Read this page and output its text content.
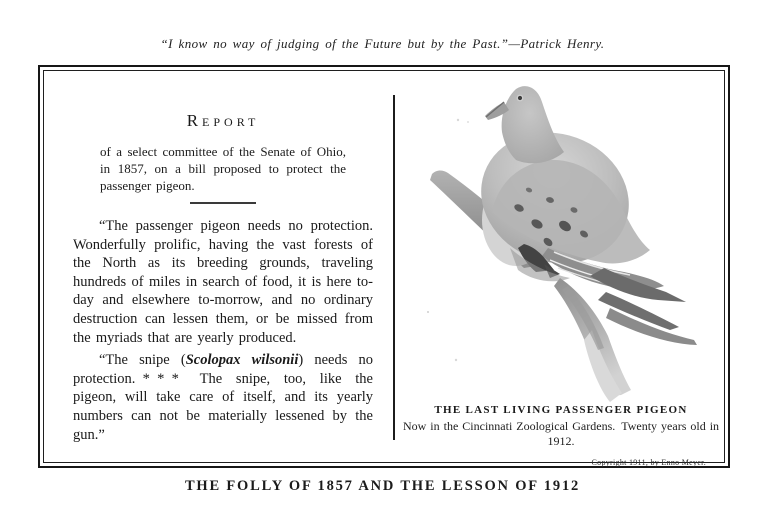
“I know no way of judging of the Future but by the Past.”—Patrick Henry.
Report

of a select committee of the Senate of Ohio, in 1857, on a bill proposed to protect the passenger pigeon.

“The passenger pigeon needs no protection. Wonderfully prolific, having the vast forests of the North as its breeding grounds, traveling hundreds of miles in search of food, it is here to-day and elsewhere to-morrow, and no ordinary destruction can lessen them, or be missed from the myriads that are yearly produced.

“The snipe (Scolopax wilsonii) needs no protection. * * *  The snipe, too, like the pigeon, will take care of itself, and its yearly numbers can not be materially lessened by the gun.”

THE LAST LIVING PASSENGER PIGEON
Now in the Cincinnati Zoological Gardens. Twenty years old in 1912.
Copyright 1911, by Enno Meyer.
THE FOLLY OF 1857 AND THE LESSON OF 1912
